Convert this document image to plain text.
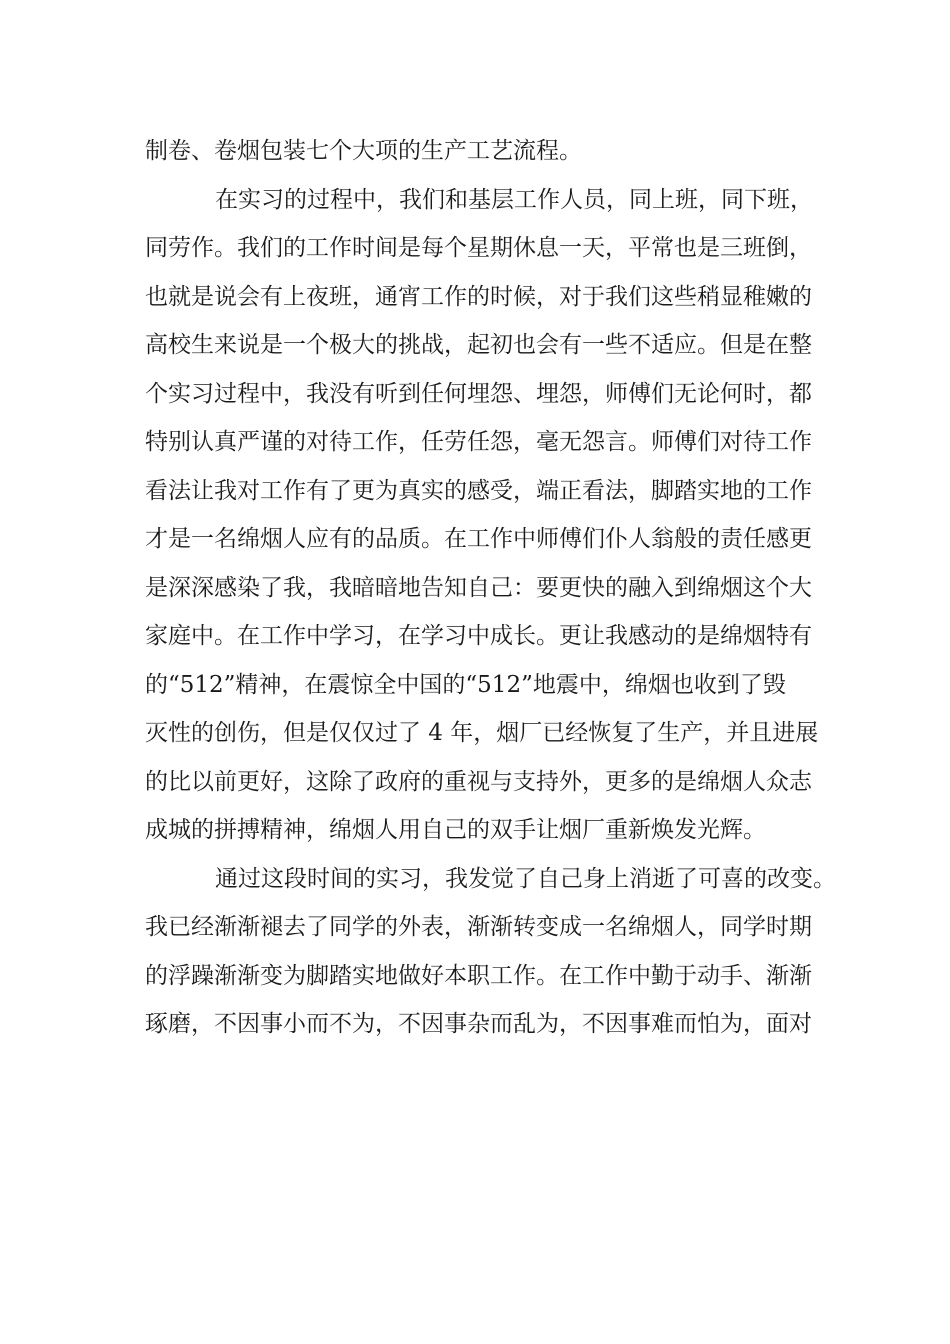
制卷、卷烟包装七个大项的生产工艺流程。
在实习的过程中，我们和基层工作人员，同上班，同下班，
同劳作。我们的工作时间是每个星期休息一天，平常也是三班倒，
也就是说会有上夜班，通宵工作的时候，对于我们这些稍显稚嫩的
高校生来说是一个极大的挑战，起初也会有一些不适应。但是在整
个实习过程中，我没有听到任何埋怨、埋怨，师傅们无论何时，都
特别认真严谨的对待工作，任劳任怨，毫无怨言。师傅们对待工作
看法让我对工作有了更为真实的感受，端正看法，脚踏实地的工作
才是一名绵烟人应有的品质。在工作中师傅们仆人翁般的责任感更
是深深感染了我，我暗暗地告知自己：要更快的融入到绵烟这个大
家庭中。在工作中学习，在学习中成长。更让我感动的是绵烟特有
的“512”精神，在震惊全中国的“512”地震中，绵烟也收到了毁
灭性的创伤，但是仅仅过了 4 年，烟厂已经恢复了生产，并且进展
的比以前更好，这除了政府的重视与支持外，更多的是绵烟人众志
成城的拼搏精神，绵烟人用自己的双手让烟厂重新焕发光辉。
通过这段时间的实习，我发觉了自己身上消逝了可喜的改变。
我已经渐渐褪去了同学的外表，渐渐转变成一名绵烟人，同学时期
的浮躁渐渐变为脚踏实地做好本职工作。在工作中勤于动手、渐渐
琢磨，不因事小而不为，不因事杂而乱为，不因事难而怕为，面对
